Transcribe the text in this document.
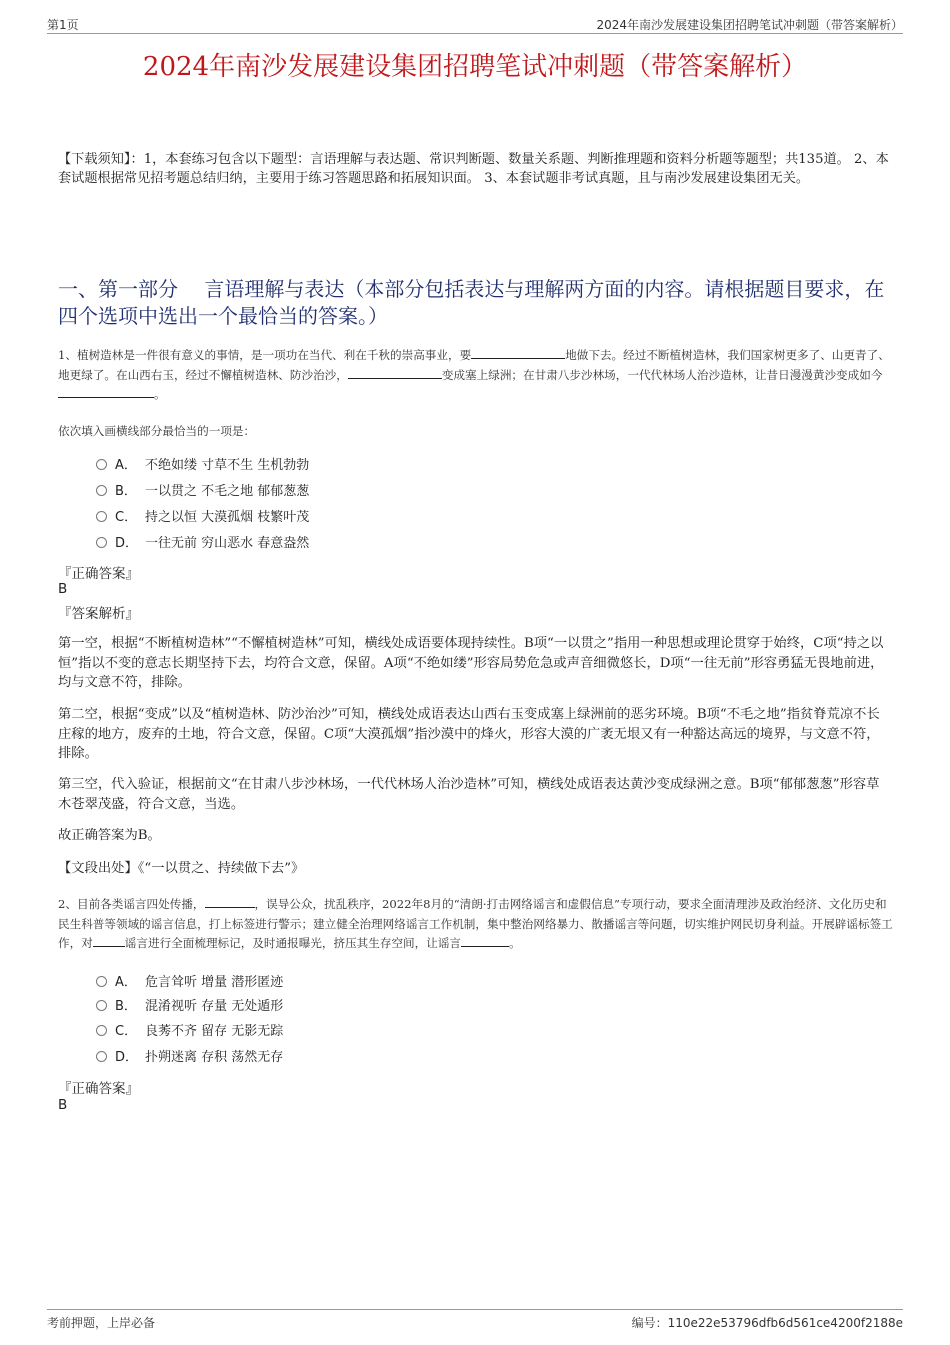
第1页	2024年南沙发展建设集团招聘笔试冲刺题（带答案解析）
2024年南沙发展建设集团招聘笔试冲刺题（带答案解析）
【下载须知】：1，本套练习包含以下题型：言语理解与表达题、常识判断题、数量关系题、判断推理题和资料分析题等题型；共135道。 2、本套试题根据常见招考题总结归纳，主要用于练习答题思路和拓展知识面。 3、本套试题非考试真题，且与南沙发展建设集团无关。
一、第一部分　 言语理解与表达（本部分包括表达与理解两方面的内容。请根据题目要求，在四个选项中选出一个最恰当的答案。）
1、植树造林是一件很有意义的事情，是一项功在当代、利在千秋的崇高事业，要	地做下去。经过不断植树造林，我们国家树更多了、山更青了、地更绿了。在山西右玉，经过不懈植树造林、防沙治沙，	变成塞上绿洲；在甘肃八步沙林场，一代代林场人治沙造林，让昔日漫漫黄沙变成如今。
依次填入画横线部分最恰当的一项是：
A． 不绝如缕 寸草不生 生机勃勃
B． 一以贯之 不毛之地 郁郁葱葱
C． 持之以恒 大漠孤烟 枝繁叶茂
D． 一往无前 穷山恶水 春意盎然
『正确答案』
B
『答案解析』
第一空，根据“不断植树造林”“不懈植树造林”可知，横线处成语要体现持续性。B项“一以贯之”指用一种思想或理论贯穿于始终，C项“持之以恒”指以不变的意志长期坚持下去，均符合文意，保留。A项“不绝如缕”形容局势危急或声音细微悠长，D项“一往无前”形容勇猛无畏地前进，均与文意不符，排除。
第二空，根据“变成”以及“植树造林、防沙治沙”可知，横线处成语表达山西右玉变成塞上绿洲前的恶劣环境。B项“不毛之地”指贫脊荒凉不长庄稼的地方，废弃的土地，符合文意，保留。C项“大漠孤烟”指沙漠中的烽火，形容大漠的广袤无垠又有一种豁达高远的境界，与文意不符，排除。
第三空，代入验证，根据前文“在甘肃八步沙林场，一代代林场人治沙造林”可知，横线处成语表达黄沙变成绿洲之意。B项“郁郁葱葱”形容草木苍翠茂盛，符合文意，当选。
故正确答案为B。
【文段出处】《“一以贯之、持续做下去”》
2、目前各类谣言四处传播，	，误导公众，扰乱秩序，2022年8月的“清朗·打击网络谣言和虚假信息”专项行动，要求全面清理涉及政治经济、文化历史和民生科普等领域的谣言信息，打上标签进行警示；建立健全治理网络谣言工作机制，集中整治网络暴力、散播谣言等问题，切实维护网民切身利益。开展辟谣标签工作，对	谣言进行全面梳理标记，及时通报曝光，挤压其生存空间，让谣言	。
A． 危言耸听 增量 潜形匿迹
B． 混淆视听 存量 无处遁形
C． 良莠不齐 留存 无影无踪
D． 扑朔迷离 存积 荡然无存
『正确答案』
B
考前押题，上岸必备	编号：110e22e53796dfb6d561ce4200f2188e
